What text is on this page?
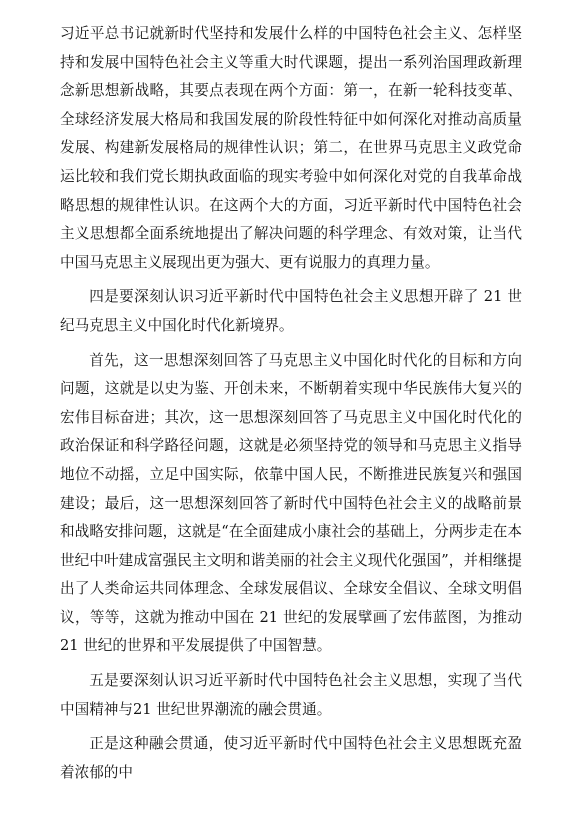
习近平总书记就新时代坚持和发展什么样的中国特色社会主义、怎样坚持和发展中国特色社会主义等重大时代课题，提出一系列治国理政新理念新思想新战略，其要点表现在两个方面：第一，在新一轮科技变革、全球经济发展大格局和我国发展的阶段性特征中如何深化对推动高质量发展、构建新发展格局的规律性认识；第二，在世界马克思主义政党命运比较和我们党长期执政面临的现实考验中如何深化对党的自我革命战略思想的规律性认识。在这两个大的方面，习近平新时代中国特色社会主义思想都全面系统地提出了解决问题的科学理念、有效对策，让当代中国马克思主义展现出更为强大、更有说服力的真理力量。

四是要深刻认识习近平新时代中国特色社会主义思想开辟了 21 世纪马克思主义中国化时代化新境界。

首先，这一思想深刻回答了马克思主义中国化时代化的目标和方向问题，这就是以史为鉴、开创未来，不断朝着实现中华民族伟大复兴的宏伟目标奋进；其次，这一思想深刻回答了马克思主义中国化时代化的政治保证和科学路径问题，这就是必须坚持党的领导和马克思主义指导地位不动摇，立足中国实际，依靠中国人民，不断推进民族复兴和强国建设；最后，这一思想深刻回答了新时代中国特色社会主义的战略前景和战略安排问题，这就是“在全面建成小康社会的基础上，分两步走在本世纪中叶建成富强民主文明和谐美丽的社会主义现代化强国”，并相继提出了人类命运共同体理念、全球发展倡议、全球安全倡议、全球文明倡议，等等，这就为推动中国在 21 世纪的发展擘画了宏伟蓝图，为推动 21 世纪的世界和平发展提供了中国智慧。

五是要深刻认识习近平新时代中国特色社会主义思想，实现了当代中国精神与21 世纪世界潮流的融会贯通。

正是这种融会贯通，使习近平新时代中国特色社会主义思想既充盈着浓郁的中
